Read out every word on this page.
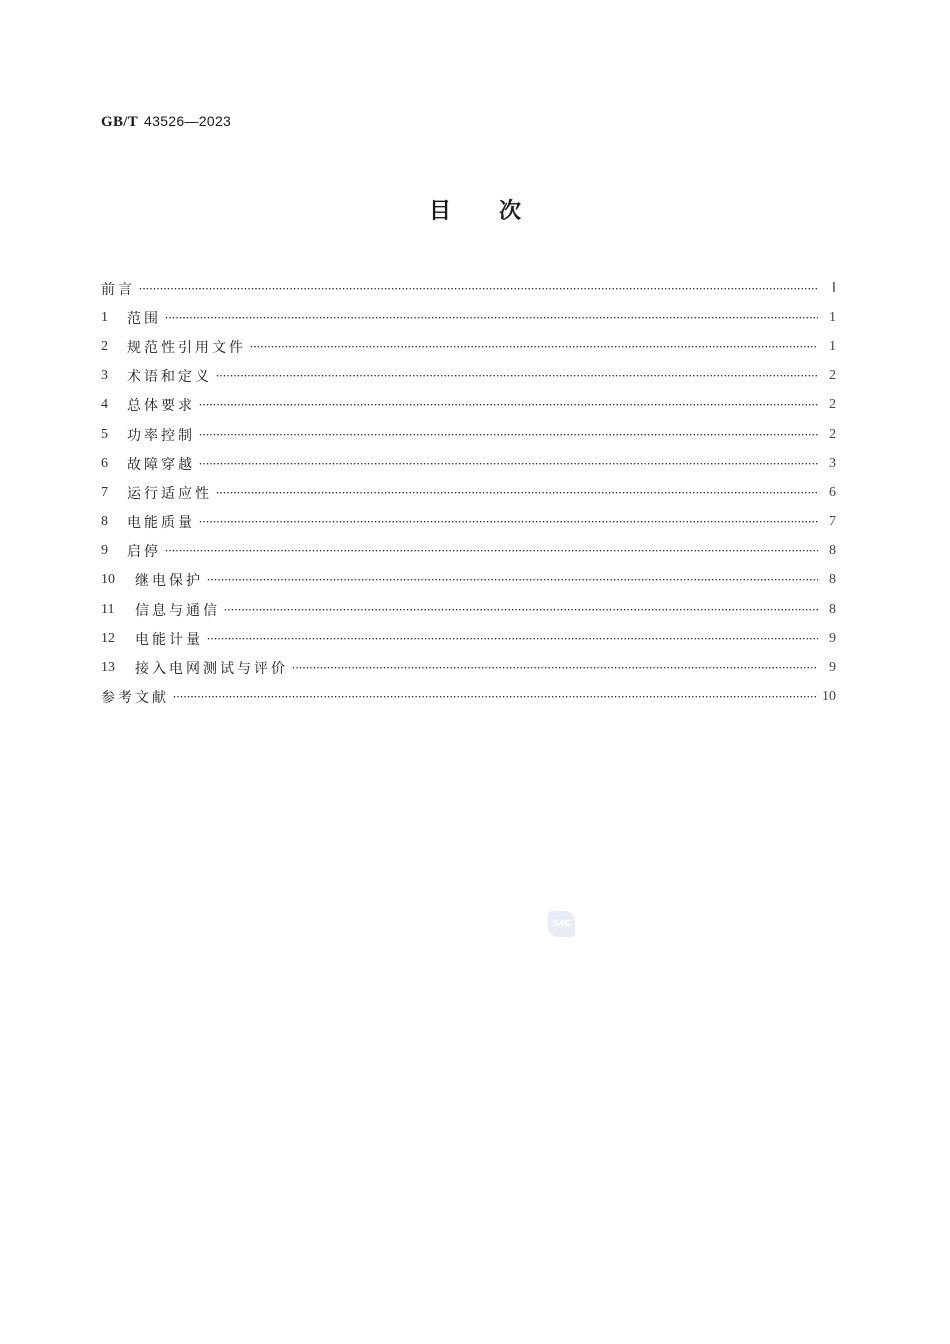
GB/T 43526—2023
目 次
前言 ·····	Ⅰ
1	范围 ·····	1
2	规范性引用文件 ·····	1
3	术语和定义 ·····	2
4	总体要求 ·····	2
5	功率控制 ·····	2
6	故障穿越 ·····	3
7	运行适应性 ·····	6
8	电能质量 ·····	7
9	启停 ·····	8
10	继电保护 ·····	8
11	信息与通信 ·····	8
12	电能计量 ·····	9
13	接入电网测试与评价 ·····	9
参考文献 ·····	10
SAC
